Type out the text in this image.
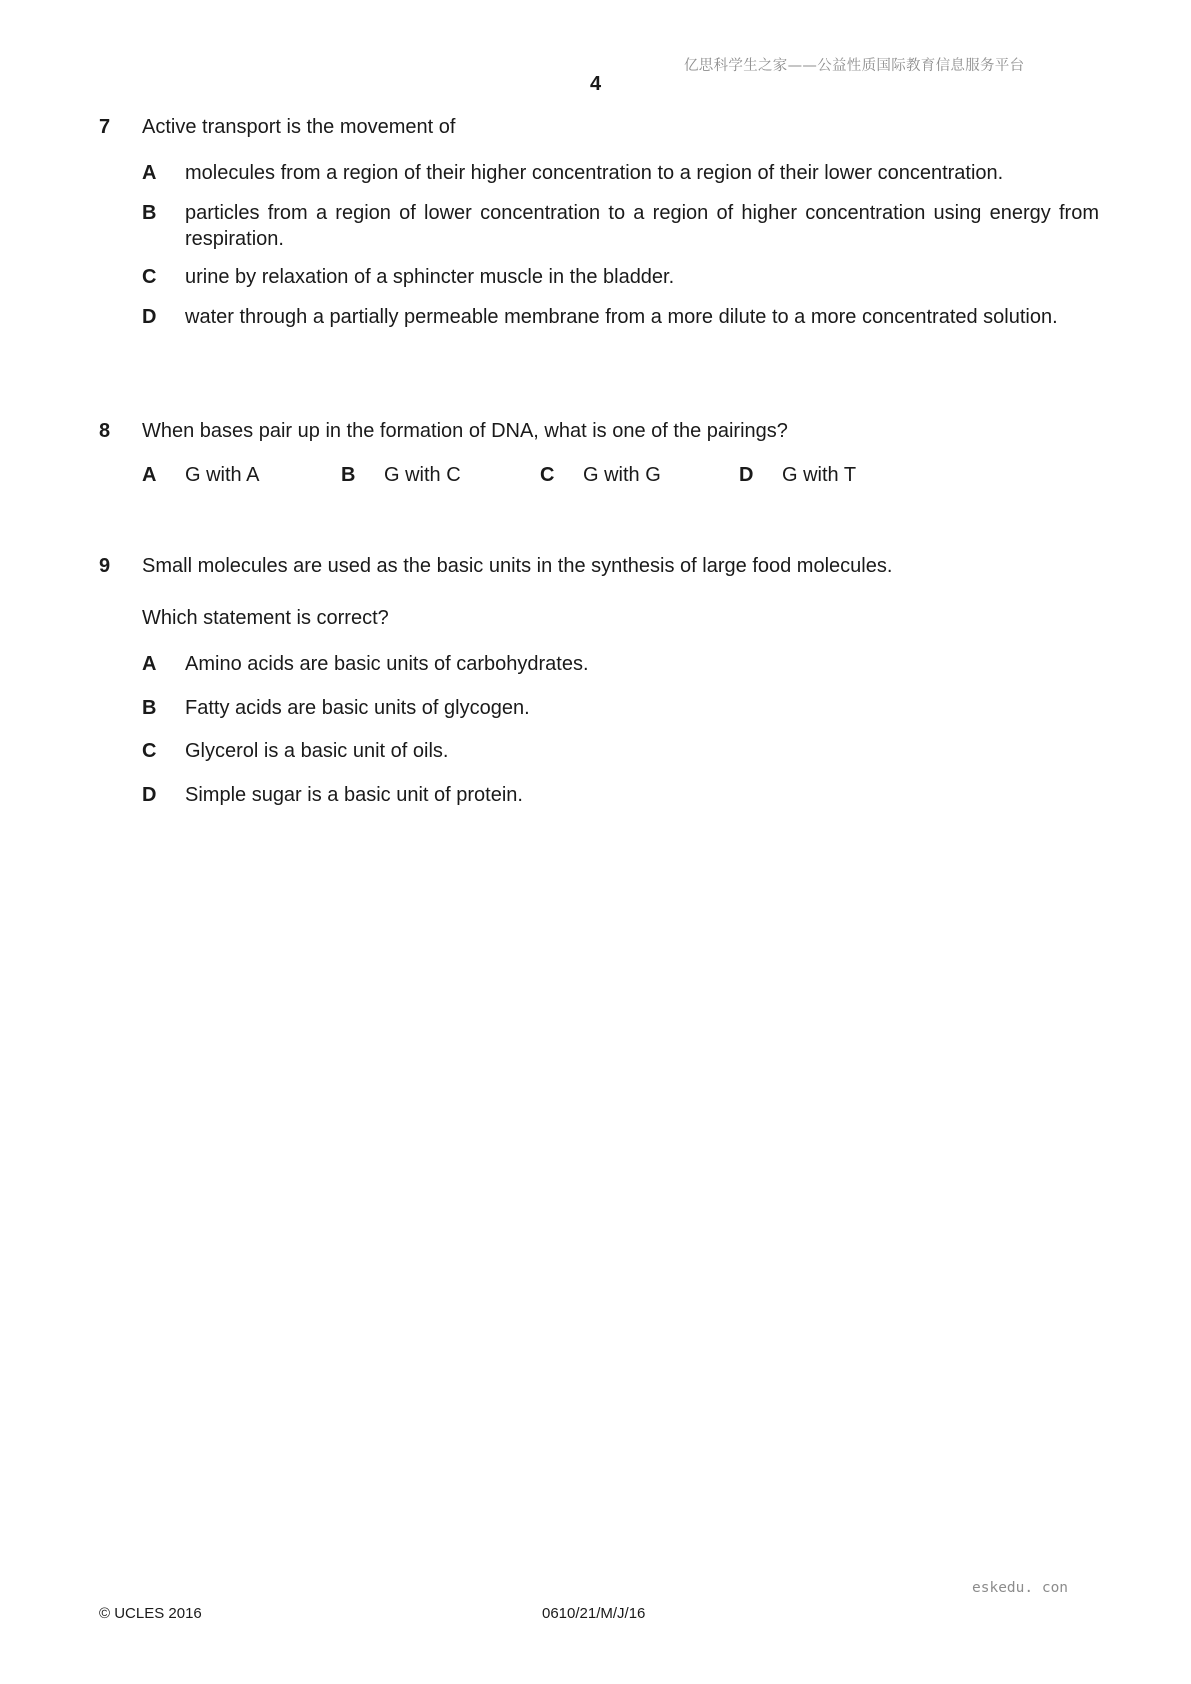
亿思科学生之家——公益性质国际教育信息服务平台
4
7 Active transport is the movement of
A molecules from a region of their higher concentration to a region of their lower concentration.
B particles from a region of lower concentration to a region of higher concentration using energy from respiration.
C urine by relaxation of a sphincter muscle in the bladder.
D water through a partially permeable membrane from a more dilute to a more concentrated solution.
8 When bases pair up in the formation of DNA, what is one of the pairings?
A G with A	B G with C	C G with G	D G with T
9 Small molecules are used as the basic units in the synthesis of large food molecules.
Which statement is correct?
A Amino acids are basic units of carbohydrates.
B Fatty acids are basic units of glycogen.
C Glycerol is a basic unit of oils.
D Simple sugar is a basic unit of protein.
eskedu. con
© UCLES 2016	0610/21/M/J/16
